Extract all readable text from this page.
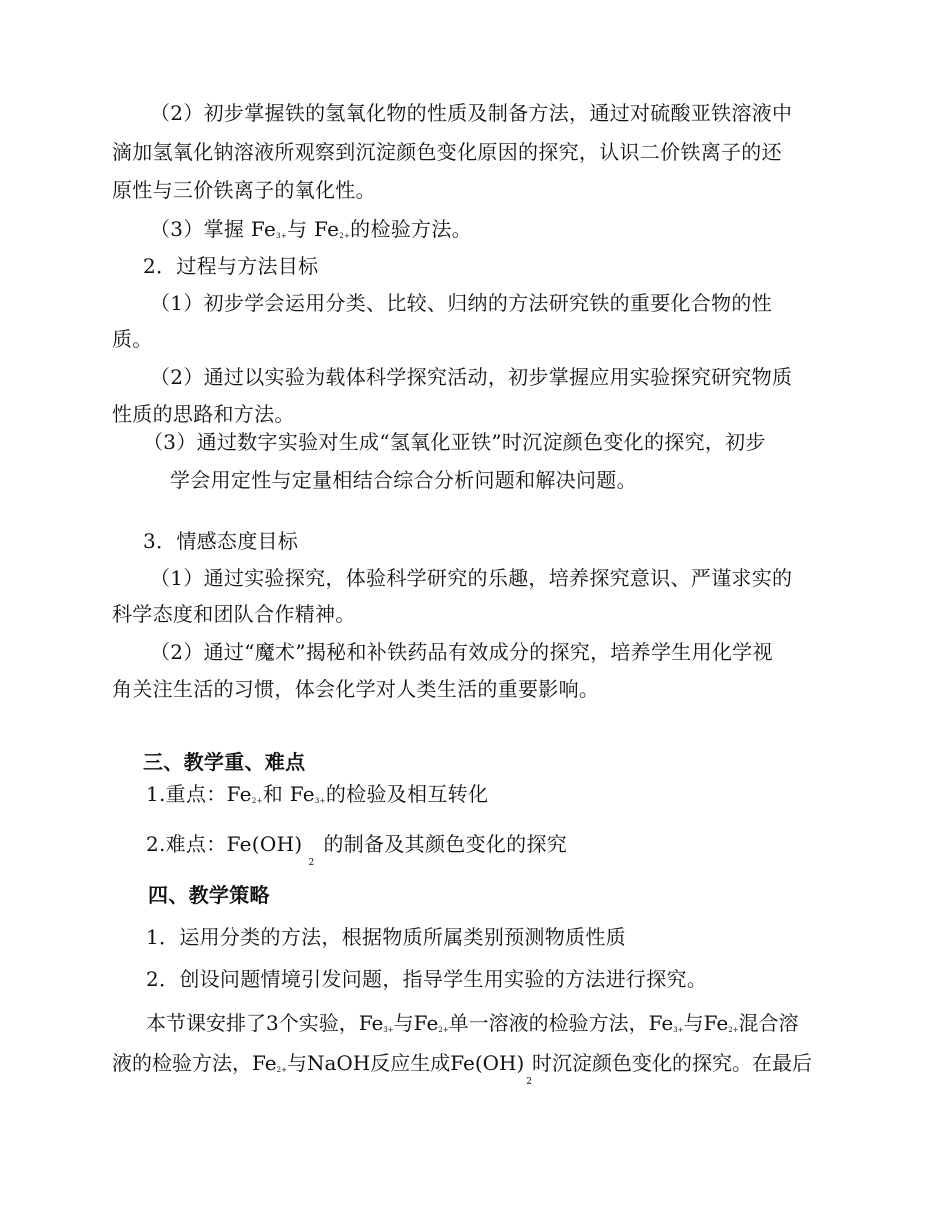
（2）初步掌握铁的氢氧化物的性质及制备方法，通过对硫酸亚铁溶液中
滴加氢氧化钠溶液所观察到沉淀颜色变化原因的探究，认识二价铁离子的还
原性与三价铁离子的氧化性。
（3）掌握 $Fe_{3+}$与 $Fe_{2+}$的检验方法。
2．过程与方法目标
（1）初步学会运用分类、比较、归纳的方法研究铁的重要化合物的性
质。
（2）通过以实验为载体科学探究活动，初步掌握应用实验探究研究物质
性质的思路和方法。
（3）通过数字实验对生成“氢氧化亚铁”时沉淀颜色变化的探究，初步
学会用定性与定量相结合综合分析问题和解决问题。
3．情感态度目标
（1）通过实验探究，体验科学研究的乐趣，培养探究意识、严谨求实的
科学态度和团队合作精神。
（2）通过“魔术”揭秘和补铁药品有效成分的探究，培养学生用化学视
角关注生活的习惯，体会化学对人类生活的重要影响。
三、教学重、难点
1.重点：$Fe_{2+}$和 $Fe_{3+}$的检验及相互转化
2.难点：$Fe(OH)_2$的制备及其颜色变化的探究
四、教学策略
1．运用分类的方法，根据物质所属类别预测物质性质
2．创设问题情境引发问题，指导学生用实验的方法进行探究。
本节课安排了3个实验，$Fe_{3+}$与$Fe_{2+}$单一溶液的检验方法，$Fe_{3+}$与$Fe_{2+}$混合溶
液的检验方法，$Fe_{2+}$与NaOH反应生成$Fe(OH)_2$时沉淀颜色变化的探究。在最后
